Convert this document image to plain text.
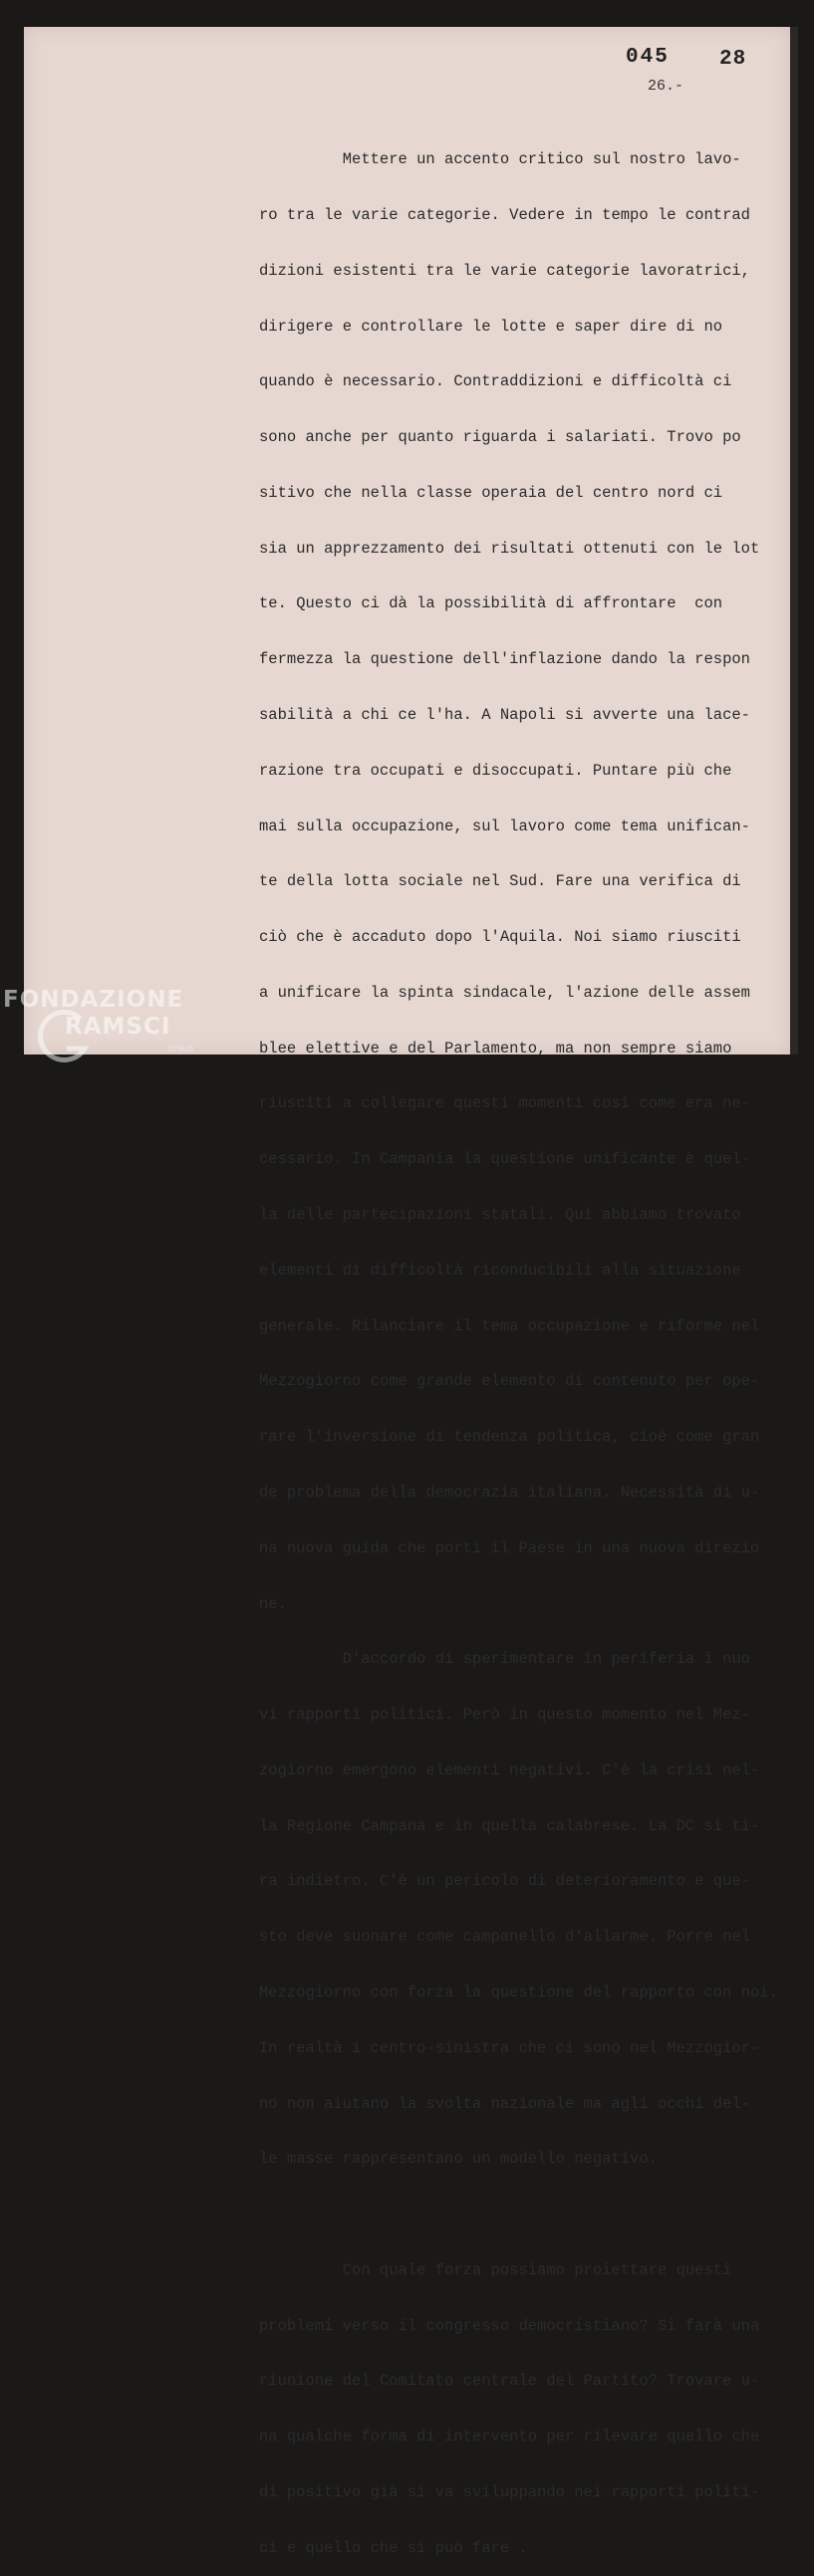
045 28
26.-

Mettere un accento critico sul nostro lavo-

ro tra le varie categorie. Vedere in tempo le contrad

dizioni esistenti tra le varie categorie lavoratrici,

dirigere e controllare le lotte e saper dire di no

quando è necessario. Contraddizioni e difficoltà ci

sono anche per quanto riguarda i salariati. Trovo po

sitivo che nella classe operaia del centro nord ci

sia un apprezzamento dei risultati ottenuti con le lot

te. Questo ci dà la possibilità di affrontare  con

fermezza la questione dell'inflazione dando la respon

sabilità a chi ce l'ha. A Napoli si avverte una lace-

razione tra occupati e disoccupati. Puntare più che

mai sulla occupazione, sul lavoro come tema unifican-

te della lotta sociale nel Sud. Fare una verifica di

ciò che è accaduto dopo l'Aquila. Noi siamo riusciti

a unificare la spinta sindacale, l'azione delle assem

blee elettive e del Parlamento, ma non sempre siamo

riusciti a collegare questi momenti così come era ne-

cessario. In Campania la questione unificante è quel-

la delle partecipazioni statali. Qui abbiamo trovato

elementi di difficoltà riconducibili alla situazione

generale. Rilanciare il tema occupazione e riforme nel

Mezzogiorno come grande elemento di contenuto per ope-

rare l'inversione di tendenza politica, cioè come gran

de problema della democrazia italiana. Necessità di u-

na nuova guida che porti il Paese in una nuova direzio

ne.

D'accordo di sperimentare in periferia i nuo

vi rapporti politici. Però in questo momento nel Mez-

zogiorno emergono elementi negativi. C'è la crisi nel-

la Regione Campana e in quella calabrese. La DC si ti-

ra indietro. C'è un pericolo di deterioramento e que-

sto deve suonare come campanello d'allarme. Porre nel

Mezzogiorno con forza la questione del rapporto con noi.

In realtà i centro-sinistra che ci sono nel Mezzogior-

no non aiutano la svolta nazionale ma agli occhi del-

le masse rappresentano un modello negativo.

Con quale forza possiamo proiettare questi

problemi verso il congresso democristiano? Si farà una

riunione del Comitato centrale del Partito? Trovare u-

na qualche forma di intervento per rilevare quello che

di positivo già si va sviluppando nei rapporti politi-

ci e quello che si può fare .

FONDAZIONE
RAMSCI
onlus
